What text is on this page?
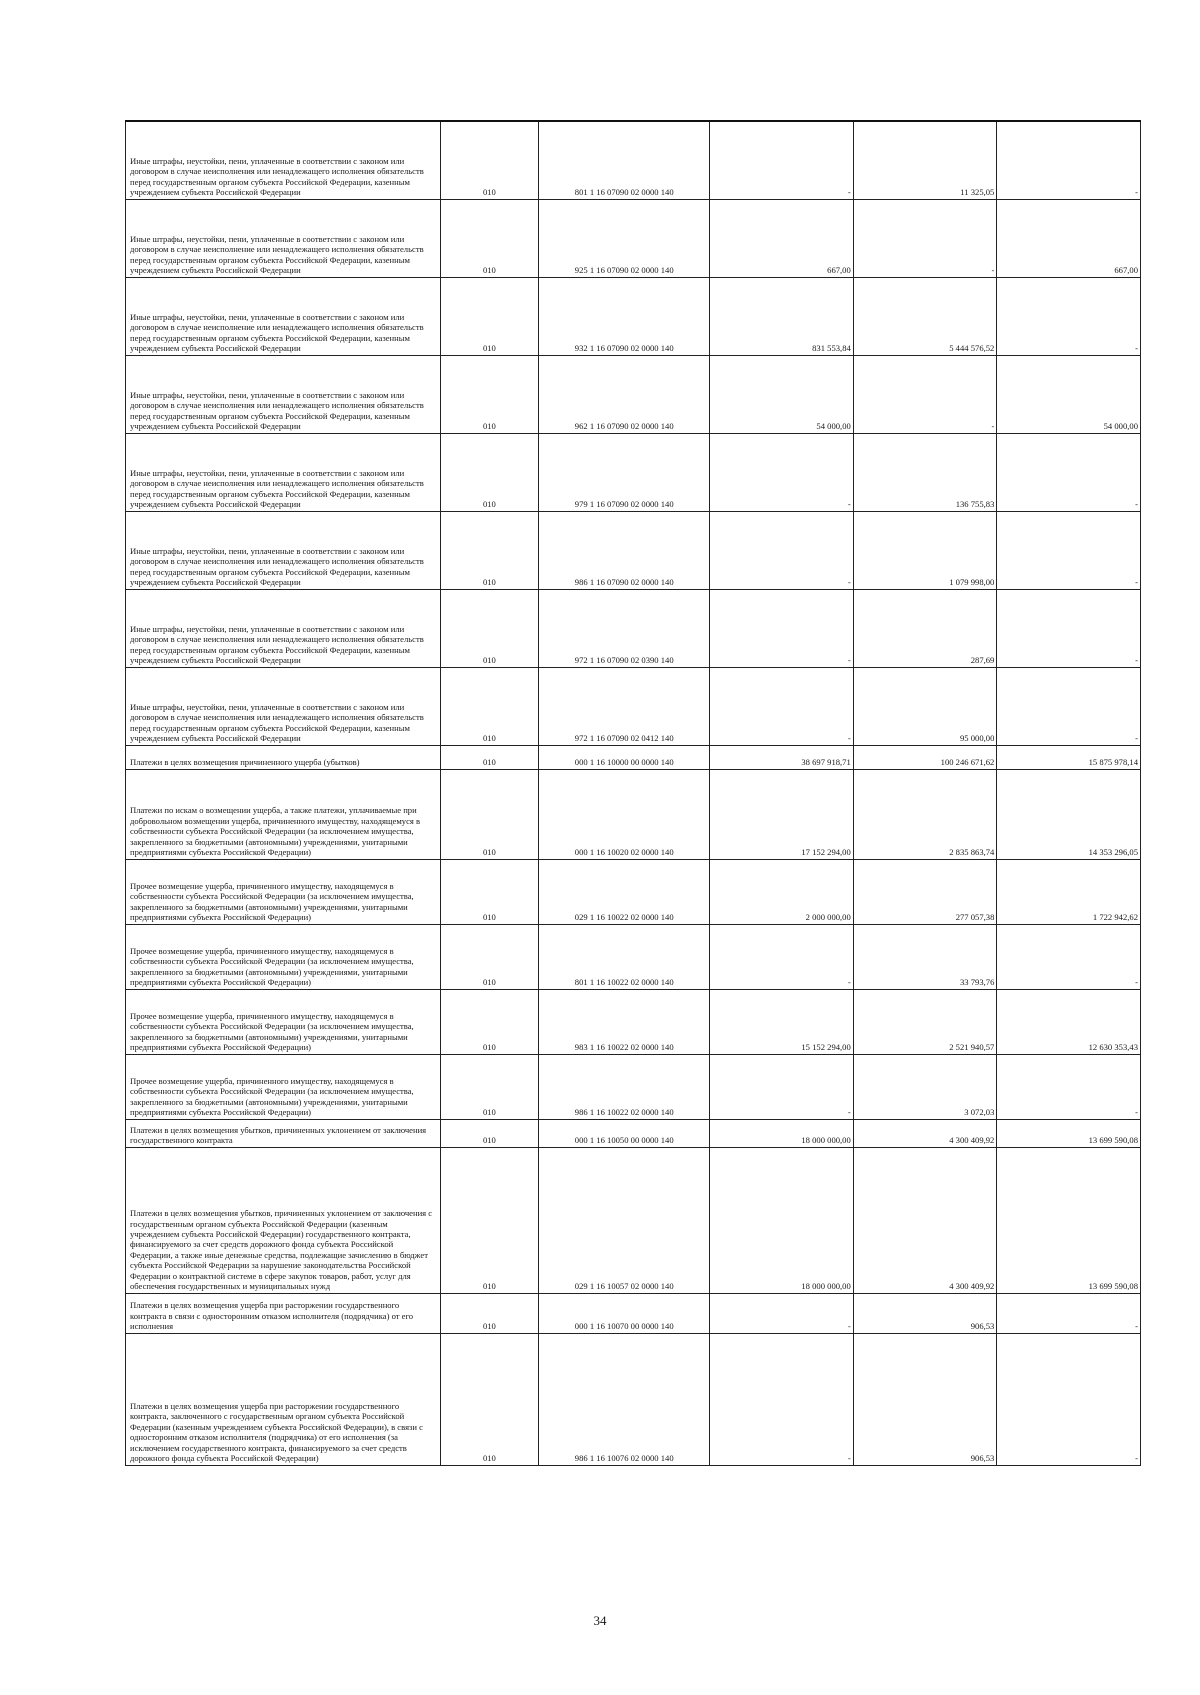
Иные штрафы, неустойки, пени, уплаченные в соответствии с законом или договором в случае неисполнения или ненадлежащего исполнения обязательств перед государственным органом субъекта Российской Федерации, казенным учреждением субъекта Российской Федерации	010	801 1 16 07090 02 0000 140	-	11 325,05	-

Иные штрафы, неустойки, пени, уплаченные в соответствии с законом или договором в случае неисполнение или ненадлежащего исполнения обязательств перед государственным органом субъекта Российской Федерации, казенным учреждением субъекта Российской Федерации	010	925 1 16 07090 02 0000 140	667,00	-	667,00

Иные штрафы, неустойки, пени, уплаченные в соответствии с законом или договором в случае неисполнение или ненадлежащего исполнения обязательств перед государственным органом субъекта Российской Федерации, казенным учреждением субъекта Российской Федерации	010	932 1 16 07090 02 0000 140	831 553,84	5 444 576,52	-

Иные штрафы, неустойки, пени, уплаченные в соответствии с законом или договором в случае неисполнения или ненадлежащего исполнения обязательств перед государственным органом субъекта Российской Федерации, казенным учреждением субъекта Российской Федерации	010	962 1 16 07090 02 0000 140	54 000,00	-	54 000,00

Иные штрафы, неустойки, пени, уплаченные в соответствии с законом или договором в случае неисполнения или ненадлежащего исполнения обязательств перед государственным органом субъекта Российской Федерации, казенным учреждением субъекта Российской Федерации	010	979 1 16 07090 02 0000 140	-	136 755,83	-

Иные штрафы, неустойки, пени, уплаченные в соответствии с законом или договором в случае неисполнения или ненадлежащего исполнения обязательств перед государственным органом субъекта Российской Федерации, казенным учреждением субъекта Российской Федерации	010	986 1 16 07090 02 0000 140	-	1 079 998,00	-

Иные штрафы, неустойки, пени, уплаченные в соответствии с законом или договором в случае неисполнения или ненадлежащего исполнения обязательств перед государственным органом субъекта Российской Федерации, казенным учреждением субъекта Российской Федерации	010	972 1 16 07090 02 0390 140	-	287,69	-

Иные штрафы, неустойки, пени, уплаченные в соответствии с законом или договором в случае неисполнения или ненадлежащего исполнения обязательств перед государственным органом субъекта Российской Федерации, казенным учреждением субъекта Российской Федерации	010	972 1 16 07090 02 0412 140	-	95 000,00	-

Платежи в целях возмещения причиненного ущерба (убытков)	010	000 1 16 10000 00 0000 140	38 697 918,71	100 246 671,62	15 875 978,14

Платежи по искам о возмещении ущерба, а также платежи, уплачиваемые при добровольном возмещении ущерба, причиненного имуществу, находящемуся в собственности субъекта Российской Федерации (за исключением имущества, закрепленного за бюджетными (автономными) учреждениями, унитарными предприятиями субъекта Российской Федерации)	010	000 1 16 10020 02 0000 140	17 152 294,00	2 835 863,74	14 353 296,05

Прочее возмещение ущерба, причиненного имуществу, находящемуся в собственности субъекта Российской Федерации (за исключением имущества, закрепленного за бюджетными (автономными) учреждениями, унитарными предприятиями субъекта Российской Федерации)	010	029 1 16 10022 02 0000 140	2 000 000,00	277 057,38	1 722 942,62

Прочее возмещение ущерба, причиненного имуществу, находящемуся в собственности субъекта Российской Федерации (за исключением имущества, закрепленного за бюджетными (автономными) учреждениями, унитарными предприятиями субъекта Российской Федерации)	010	801 1 16 10022 02 0000 140	-	33 793,76	-

Прочее возмещение ущерба, причиненного имуществу, находящемуся в собственности субъекта Российской Федерации (за исключением имущества, закрепленного за бюджетными (автономными) учреждениями, унитарными предприятиями субъекта Российской Федерации)	010	983 1 16 10022 02 0000 140	15 152 294,00	2 521 940,57	12 630 353,43

Прочее возмещение ущерба, причиненного имуществу, находящемуся в собственности субъекта Российской Федерации (за исключением имущества, закрепленного за бюджетными (автономными) учреждениями, унитарными предприятиями субъекта Российской Федерации)	010	986 1 16 10022 02 0000 140	-	3 072,03	-

Платежи в целях возмещения убытков, причиненных уклонением от заключения государственного контракта	010	000 1 16 10050 00 0000 140	18 000 000,00	4 300 409,92	13 699 590,08

Платежи в целях возмещения убытков, причиненных уклонением от заключения с государственным органом субъекта Российской Федерации (казенным учреждением субъекта Российской Федерации) государственного контракта, финансируемого за счет средств дорожного фонда субъекта Российской Федерации, а также иные денежные средства, подлежащие зачислению в бюджет субъекта Российской Федерации за нарушение законодательства Российской Федерации о контрактной системе в сфере закупок товаров, работ, услуг для обеспечения государственных и муниципальных нужд	010	029 1 16 10057 02 0000 140	18 000 000,00	4 300 409,92	13 699 590,08

Платежи в целях возмещения ущерба при расторжении государственного контракта в связи с односторонним отказом исполнителя (подрядчика) от его исполнения	010	000 1 16 10070 00 0000 140	-	906,53	-

Платежи в целях возмещения ущерба при расторжении государственного контракта, заключенного с государственным органом субъекта Российской Федерации (казенным учреждением субъекта Российской Федерации), в связи с односторонним отказом исполнителя (подрядчика) от его исполнения (за исключением государственного контракта, финансируемого за счет средств дорожного фонда субъекта Российской Федерации)	010	986 1 16 10076 02 0000 140	-	906,53	-
34
